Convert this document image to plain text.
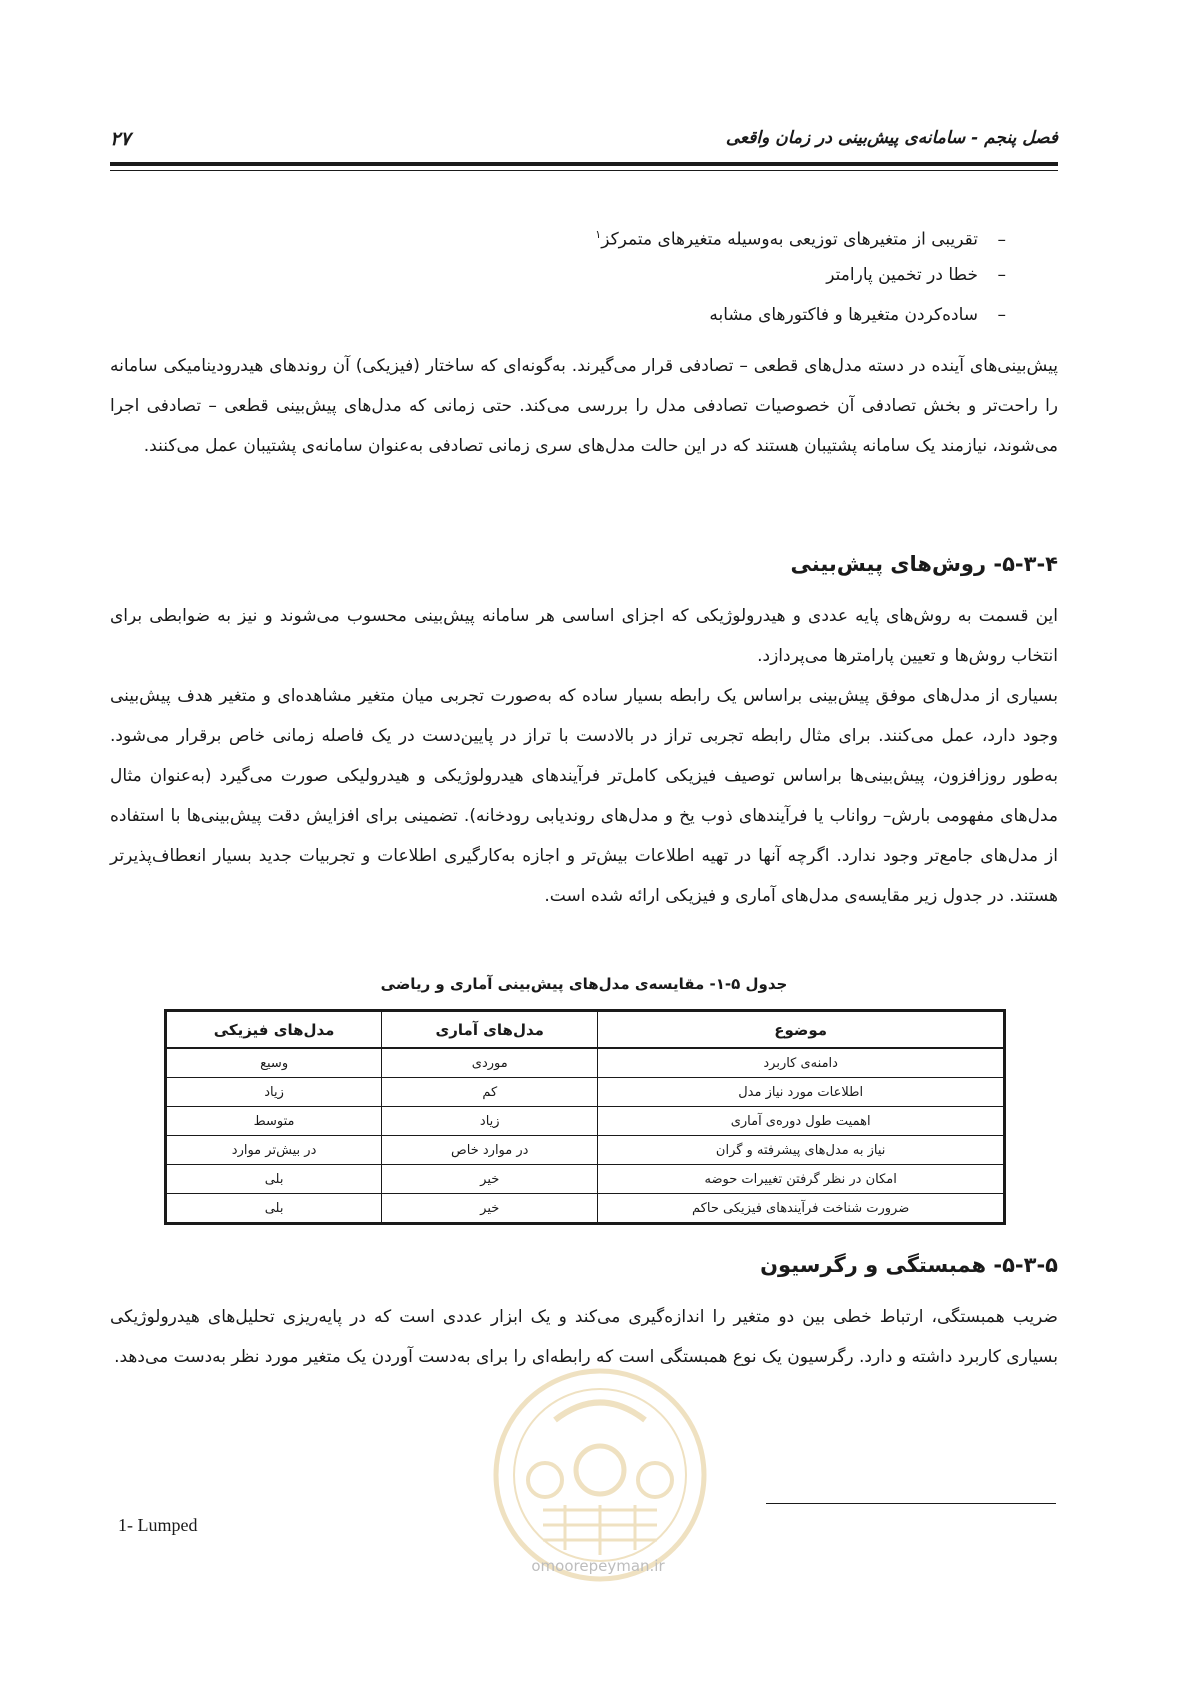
فصل پنجم - سامانه‌ی پیش‌بینی در زمان واقعی
۲۷
–تقریبی از متغیرهای توزیعی به‌وسیله متغیرهای متمرکز$^۱$
–خطا در تخمین پارامتر
–ساده‌کردن متغیرها و فاکتورهای مشابه
پیش‌بینی‌های آینده در دسته مدل‌های قطعی – تصادفی قرار می‌گیرند. به‌گونه‌ای که ساختار (فیزیکی) آن روندهای هیدرودینامیکی سامانه را راحت‌تر و بخش تصادفی آن خصوصیات تصادفی مدل را بررسی می‌کند. حتی زمانی که مدل‌های پیش‌بینی قطعی – تصادفی اجرا می‌شوند، نیازمند یک سامانه پشتیبان هستند که در این حالت مدل‌های سری زمانی تصادفی به‌عنوان سامانه‌ی پشتیبان عمل می‌کنند.
۵-۳-۴- روش‌های پیش‌بینی
این قسمت به روش‌های پایه عددی و هیدرولوژیکی که اجزای اساسی هر سامانه پیش‌بینی محسوب می‌شوند و نیز به ضوابطی برای انتخاب روش‌ها و تعیین پارامترها می‌پردازد.
بسیاری از مدل‌های موفق پیش‌بینی براساس یک رابطه بسیار ساده که به‌صورت تجربی میان متغیر مشاهده‌ای و متغیر هدف پیش‌بینی وجود دارد، عمل می‌کنند. برای مثال رابطه تجربی تراز در بالادست با تراز در پایین‌دست در یک فاصله زمانی خاص برقرار می‌شود. به‌طور روزافزون، پیش‌بینی‌ها براساس توصیف فیزیکی کامل‌تر فرآیندهای هیدرولوژیکی و هیدرولیکی صورت می‌گیرد (به‌عنوان مثال مدل‌های مفهومی بارش– رواناب یا فرآیندهای ذوب یخ و مدل‌های روندیابی رودخانه). تضمینی برای افزایش دقت پیش‌بینی‌ها با استفاده از مدل‌های جامع‌تر وجود ندارد. اگرچه آنها در تهیه اطلاعات بیش‌تر و اجازه به‌کارگیری اطلاعات و تجربیات جدید بسیار انعطاف‌پذیرتر هستند. در جدول زیر مقایسه‌ی مدل‌های آماری و فیزیکی ارائه شده است.
جدول ۵-۱- مقایسه‌ی مدل‌های پیش‌بینی آماری و ریاضی
موضوع	مدل‌های آماری	مدل‌های فیزیکی
دامنه‌ی کاربرد	موردی	وسیع
اطلاعات مورد نیاز مدل	کم	زیاد
اهمیت طول دوره‌ی آماری	زیاد	متوسط
نیاز به مدل‌های پیشرفته و گران	در موارد خاص	در بیش‌تر موارد
امکان در نظر گرفتن تغییرات حوضه	خیر	بلی
ضرورت شناخت فرآیندهای فیزیکی حاکم	خیر	بلی
۵-۳-۵- همبستگی و رگرسیون
ضریب همبستگی، ارتباط خطی بین دو متغیر را اندازه‌گیری می‌کند و یک ابزار عددی است که در پایه‌ریزی تحلیل‌های هیدرولوژیکی بسیاری کاربرد داشته و دارد. رگرسیون یک نوع همبستگی است که رابطه‌ای را برای به‌دست آوردن یک متغیر مورد نظر به‌دست می‌دهد.
omoorepeyman.ir
1- Lumped
